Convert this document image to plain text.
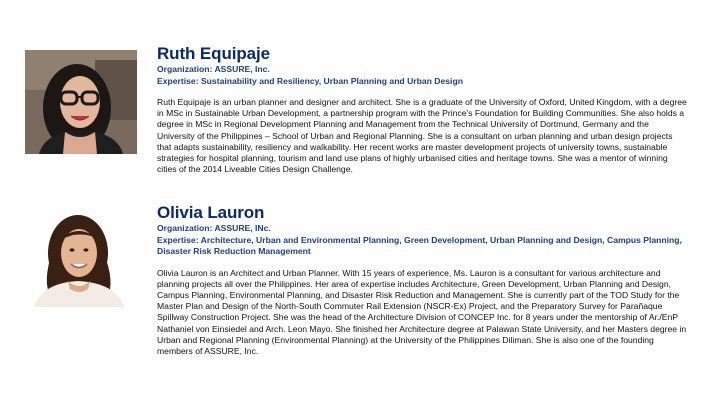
Ruth Equipaje

Organization: ASSURE, Inc.

Expertise: Sustainability and Resiliency, Urban Planning and Urban Design

Ruth Equipaje is an urban planner and designer and architect. She is a graduate of the University of Oxford, United Kingdom, with a degree in MSc in Sustainable Urban Development, a partnership program with the Prince's Foundation for Building Communities. She also holds a degree in MSc in Regional Development Planning and Management from the Technical University of Dortmund, Germany and the University of the Philippines – School of Urban and Regional Planning. She is a consultant on urban planning and urban design projects that adapts sustainability, resiliency and walkability. Her recent works are master development projects of university towns, sustainable strategies for hospital planning, tourism and land use plans of highly urbanised cities and heritage towns. She was a mentor of winning cities of the 2014 Liveable Cities Design Challenge.

Olivia Lauron

Organization: ASSURE, INc.

Expertise: Architecture, Urban and Environmental Planning, Green Development, Urban Planning and Design, Campus Planning, Disaster Risk Reduction Management

Olivia Lauron is an Architect and Urban Planner. With 15 years of experience, Ms. Lauron is a consultant for various architecture and planning projects all over the Philippines. Her area of expertise includes Architecture, Green Development, Urban Planning and Design, Campus Planning, Environmental Planning, and Disaster Risk Reduction and Management. She is currently part of the TOD Study for the Master Plan and Design of the North-South Commuter Rail Extension (NSCR-Ex) Project, and the Preparatory Survey for Parañaque Spillway Construction Project. She was the head of the Architecture Division of CONCEP Inc. for 8 years under the mentorship of Ar./EnP Nathaniel von Einsiedel and Arch. Leon Mayo. She finished her Architecture degree at Palawan State University, and her Masters degree in Urban and Regional Planning (Environmental Planning) at the University of the Philippines Diliman. She is also one of the founding members of ASSURE, Inc.
